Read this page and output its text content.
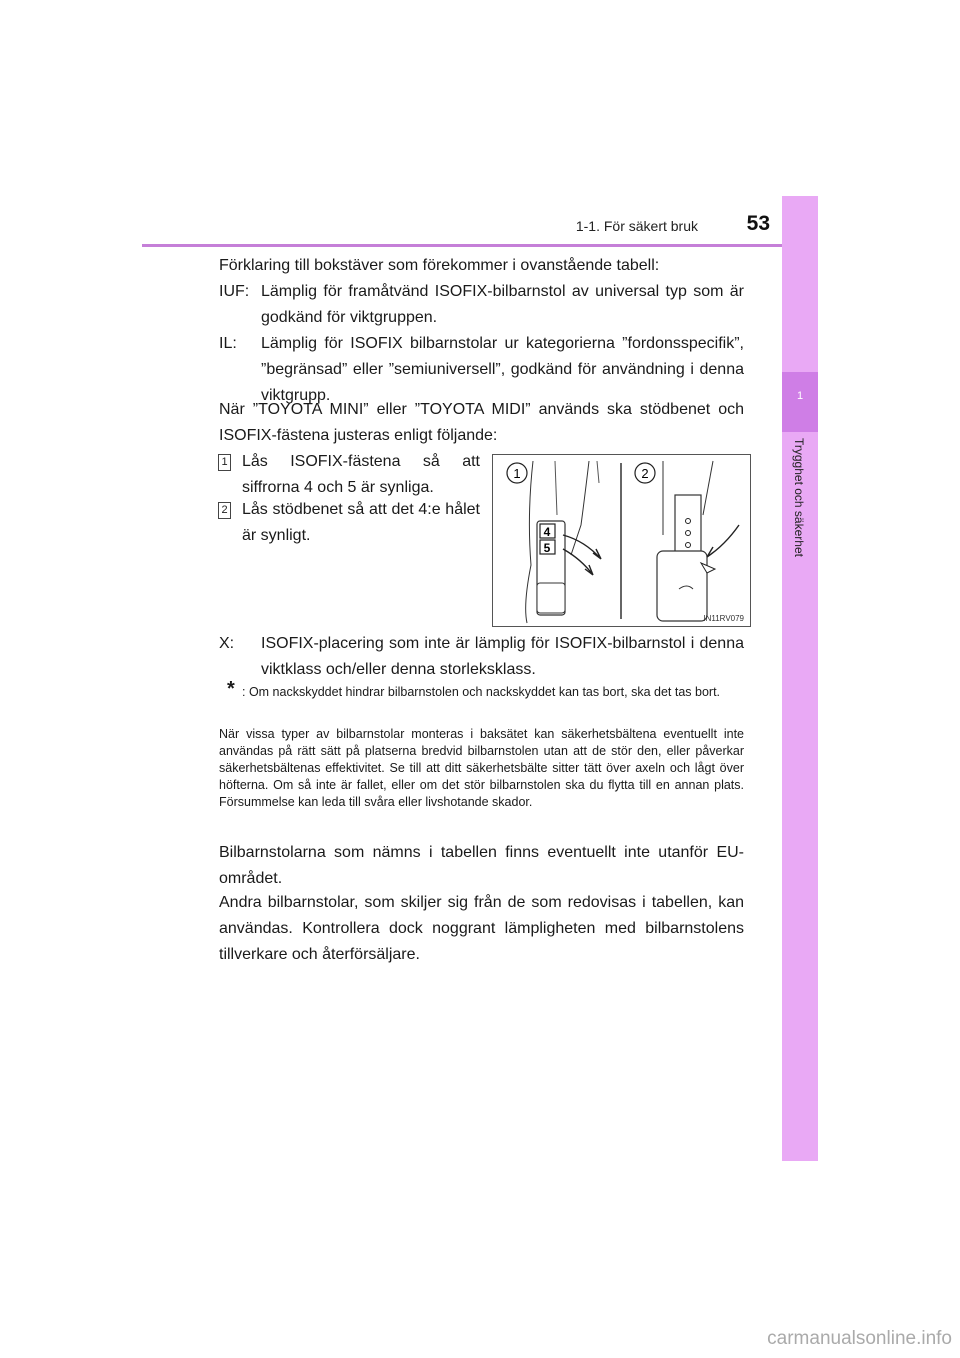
1-1. För säkert bruk 53
1
Trygghet och säkerhet
Förklaring till bokstäver som förekommer i ovanstående tabell:
IUF: Lämplig för framåtvänd ISOFIX-bilbarnstol av universal typ som är godkänd för viktgruppen.
IL: Lämplig för ISOFIX bilbarnstolar ur kategorierna ”fordonsspecifik”, ”begränsad” eller ”semiuniversell”, godkänd för användning i denna viktgrupp.
När ”TOYOTA MINI” eller ”TOYOTA MIDI” används ska stödbenet och ISOFIX-fästena justeras enligt följande:
1 Lås ISOFIX-fästena så att siffrorna 4 och 5 är synliga.
2 Lås stödbenet så att det 4:e hålet är synligt.
1	2
4
5
IN11RV079
X: ISOFIX-placering som inte är lämplig för ISOFIX-bilbarnstol i denna viktklass och/eller denna storleksklass.
* : Om nackskyddet hindrar bilbarnstolen och nackskyddet kan tas bort, ska det tas bort.
När vissa typer av bilbarnstolar monteras i baksätet kan säkerhetsbältena eventuellt inte användas på rätt sätt på platserna bredvid bilbarnstolen utan att de stör den, eller påverkar säkerhetsbältenas effektivitet. Se till att ditt säkerhetsbälte sitter tätt över axeln och lågt över höfterna. Om så inte är fallet, eller om det stör bilbarnstolen ska du flytta till en annan plats. Försummelse kan leda till svåra eller livshotande skador.
Bilbarnstolarna som nämns i tabellen finns eventuellt inte utanför EU-området.
Andra bilbarnstolar, som skiljer sig från de som redovisas i tabellen, kan användas. Kontrollera dock noggrant lämpligheten med bilbarnstolens tillverkare och återförsäljare.
carmanualsonline.info
